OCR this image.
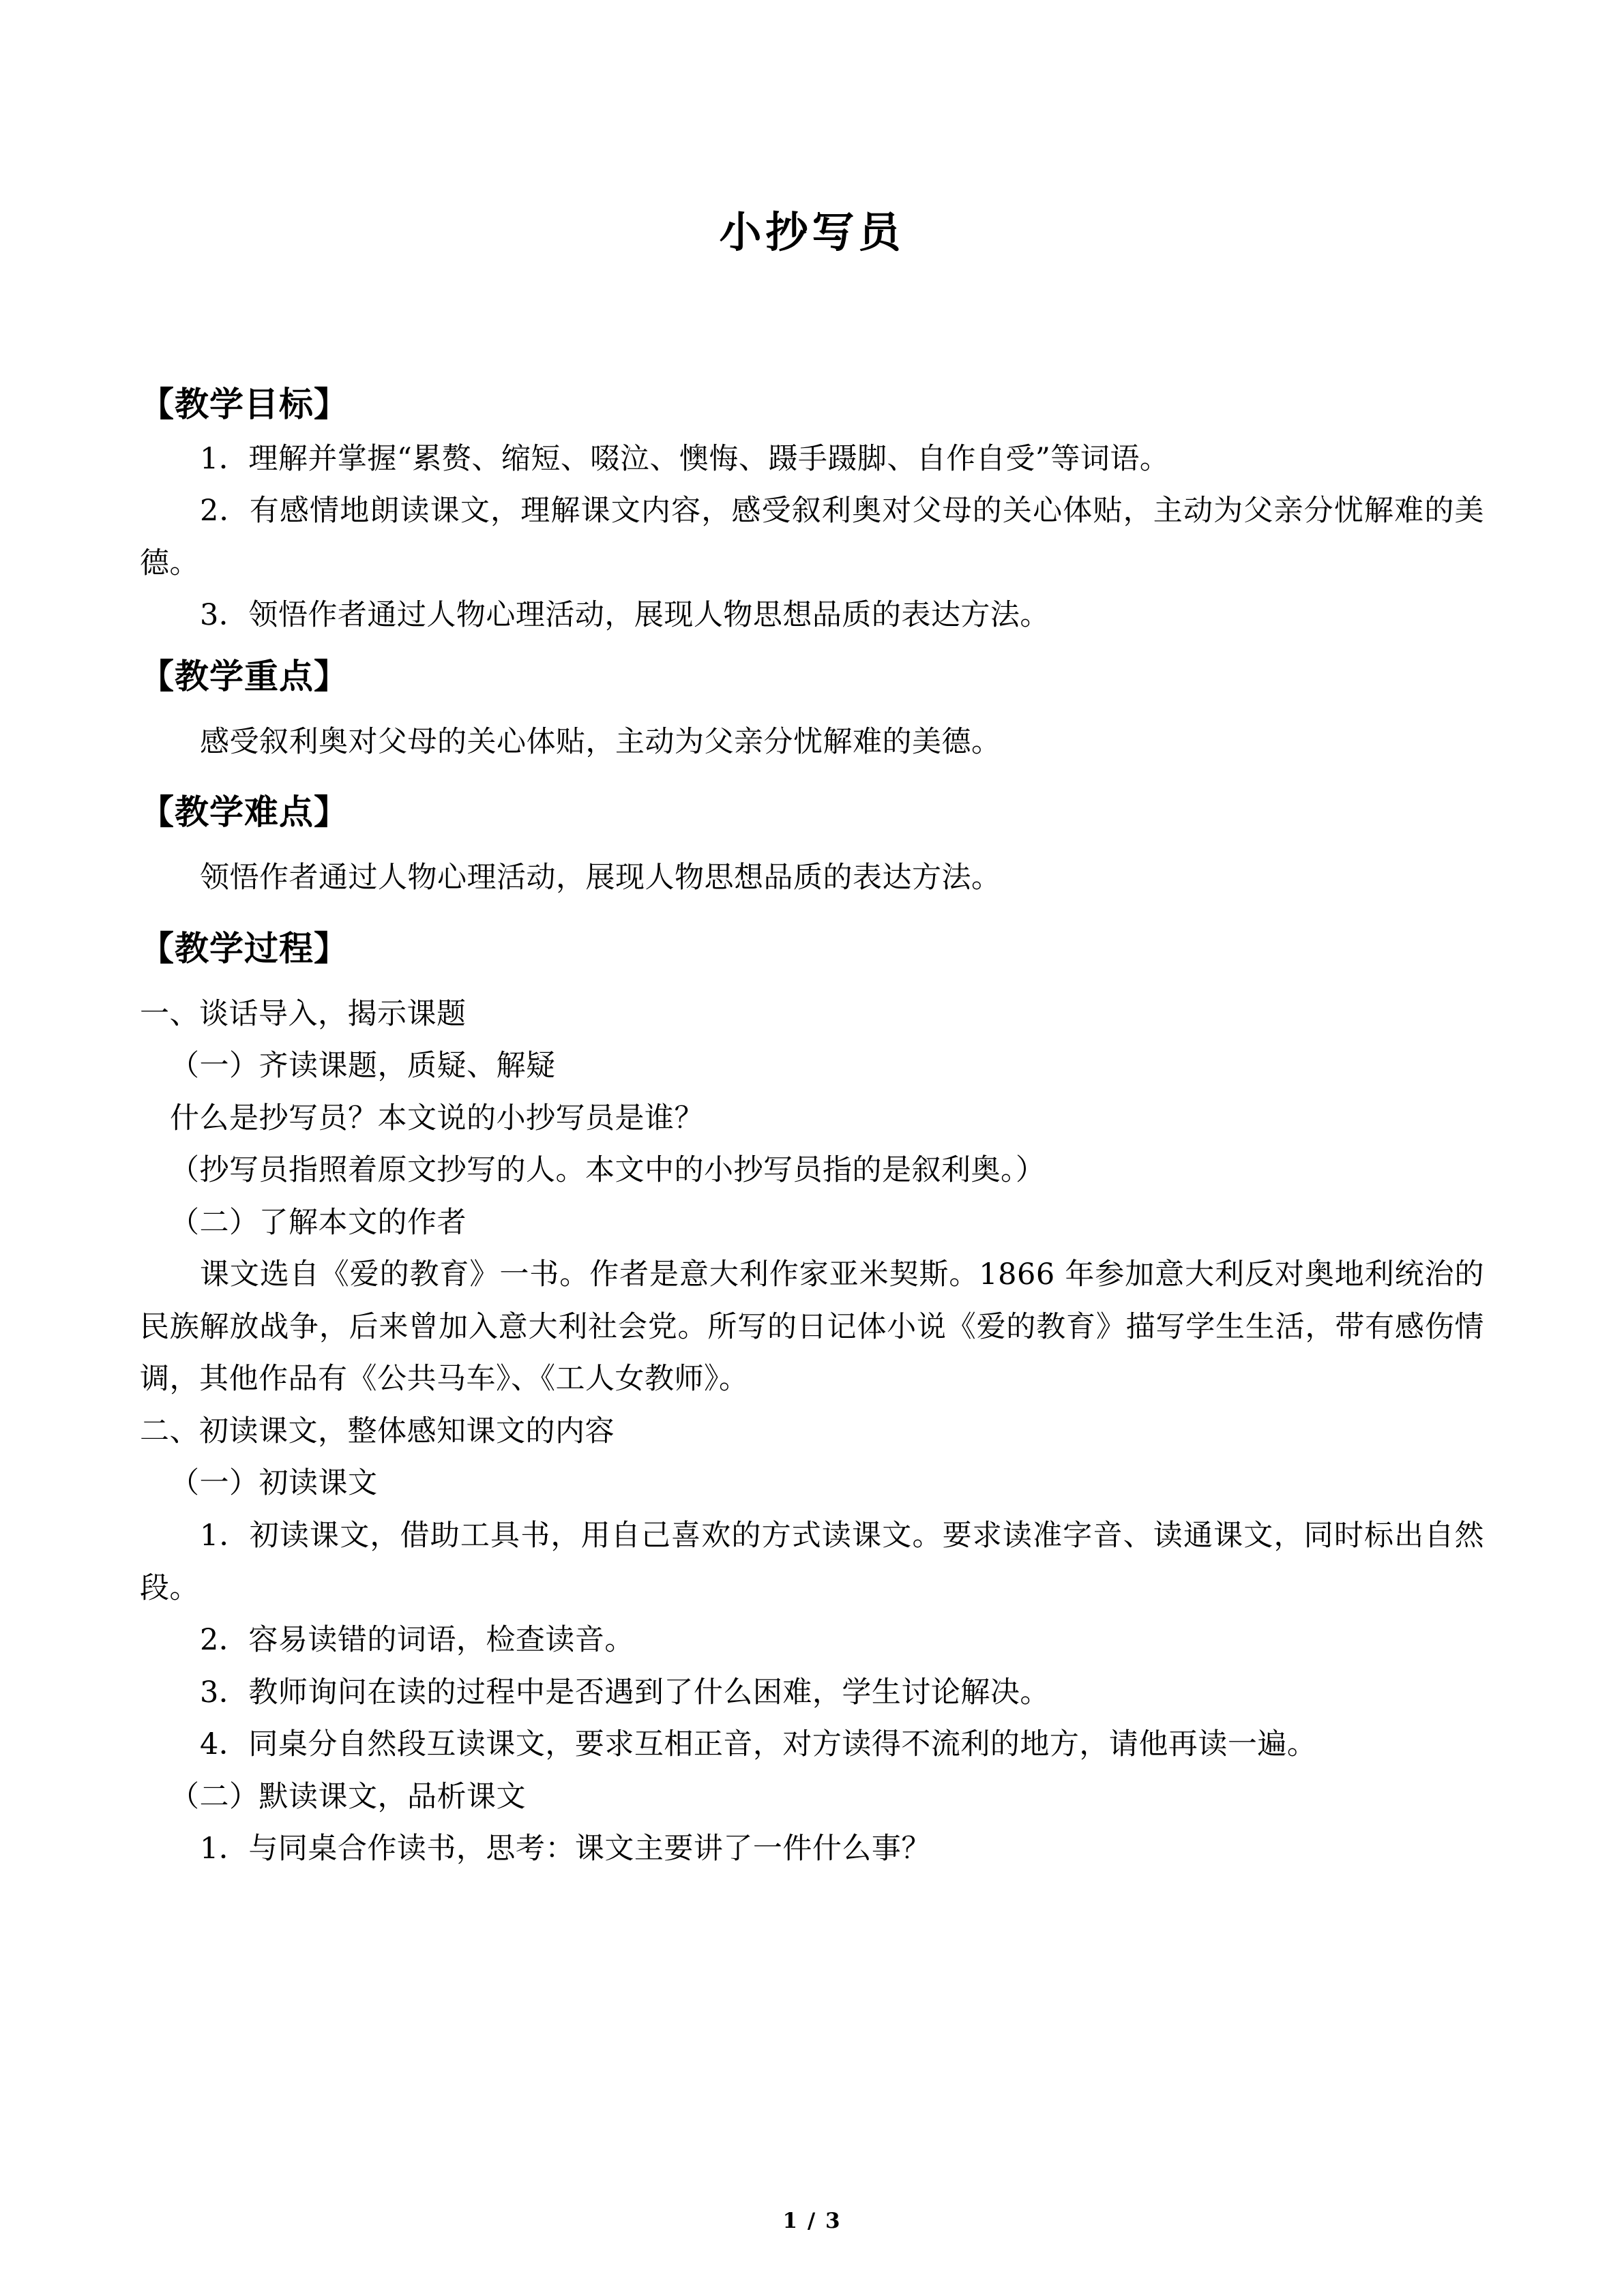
小抄写员
【教学目标】

1．理解并掌握“累赘、缩短、啜泣、懊悔、蹑手蹑脚、自作自受”等词语。

2．有感情地朗读课文，理解课文内容，感受叙利奥对父母的关心体贴，主动为父亲分忧解难的美德。

3．领悟作者通过人物心理活动，展现人物思想品质的表达方法。

【教学重点】

感受叙利奥对父母的关心体贴，主动为父亲分忧解难的美德。

【教学难点】

领悟作者通过人物心理活动，展现人物思想品质的表达方法。

【教学过程】

一、谈话导入，揭示课题

（一）齐读课题，质疑、解疑

什么是抄写员？本文说的小抄写员是谁？

（抄写员指照着原文抄写的人。本文中的小抄写员指的是叙利奥。）

（二）了解本文的作者

课文选自《爱的教育》一书。作者是意大利作家亚米契斯。1866 年参加意大利反对奥地利统治的民族解放战争，后来曾加入意大利社会党。所写的日记体小说《爱的教育》描写学生生活，带有感伤情调，其他作品有《公共马车》、《工人女教师》。

二、初读课文，整体感知课文的内容

（一）初读课文

1．初读课文，借助工具书，用自己喜欢的方式读课文。要求读准字音、读通课文，同时标出自然段。

2．容易读错的词语，检查读音。

3．教师询问在读的过程中是否遇到了什么困难，学生讨论解决。

4．同桌分自然段互读课文，要求互相正音，对方读得不流利的地方，请他再读一遍。

（二）默读课文，品析课文

1．与同桌合作读书，思考：课文主要讲了一件什么事？

1 / 3
